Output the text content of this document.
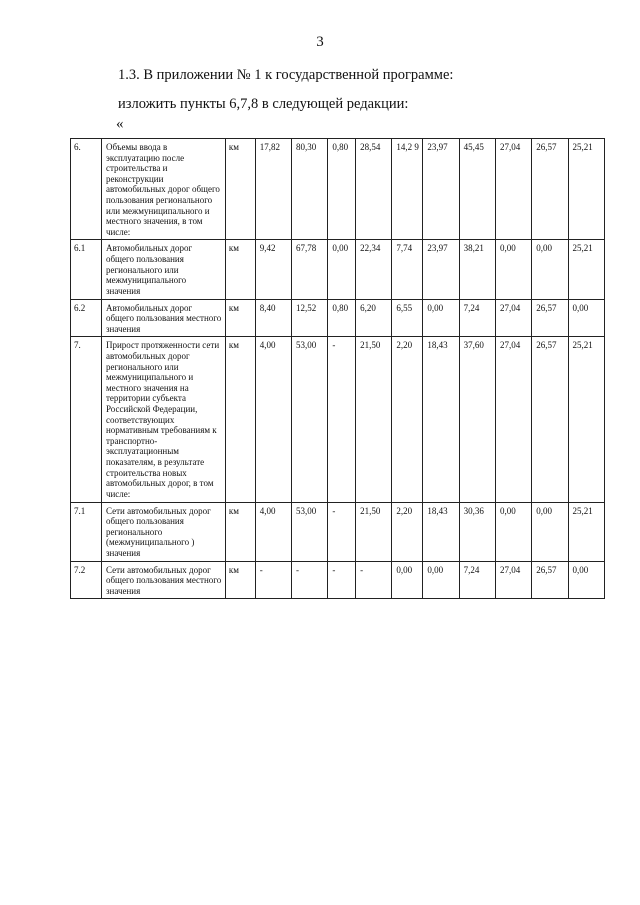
3
1.3. В приложении № 1 к государственной программе:
изложить пункты 6,7,8 в следующей редакции:
«
6.	Объемы ввода в эксплуатацию после строительства и реконструкции автомобильных дорог общего пользования регионального или межмуниципального и местного значения, в том числе:	км	17,82	80,30	0,80	28,54	14,2 9	23,97	45,45	27,04	26,57	25,21
6.1	Автомобильных дорог общего пользования регионального или межмуниципального значения	км	9,42	67,78	0,00	22,34	7,74	23,97	38,21	0,00	0,00	25,21
6.2	Автомобильных дорог общего пользования местного значения	км	8,40	12,52	0,80	6,20	6,55	0,00	7,24	27,04	26,57	0,00
7.	Прирост протяженности сети автомобильных дорог регионального или межмуниципального и местного значения на территории субъекта Российской Федерации, соответствующих нормативным требованиям к транспортно-эксплуатационным показателям, в результате строительства новых автомобильных дорог, в том числе:	км	4,00	53,00	-	21,50	2,20	18,43	37,60	27,04	26,57	25,21
7.1	Сети автомобильных дорог общего пользования регионального (межмуниципального ) значения	км	4,00	53,00	-	21,50	2,20	18,43	30,36	0,00	0,00	25,21
7.2	Сети автомобильных дорог общего пользования местного значения	км	-	-	-	-	0,00	0,00	7,24	27,04	26,57	0,00
